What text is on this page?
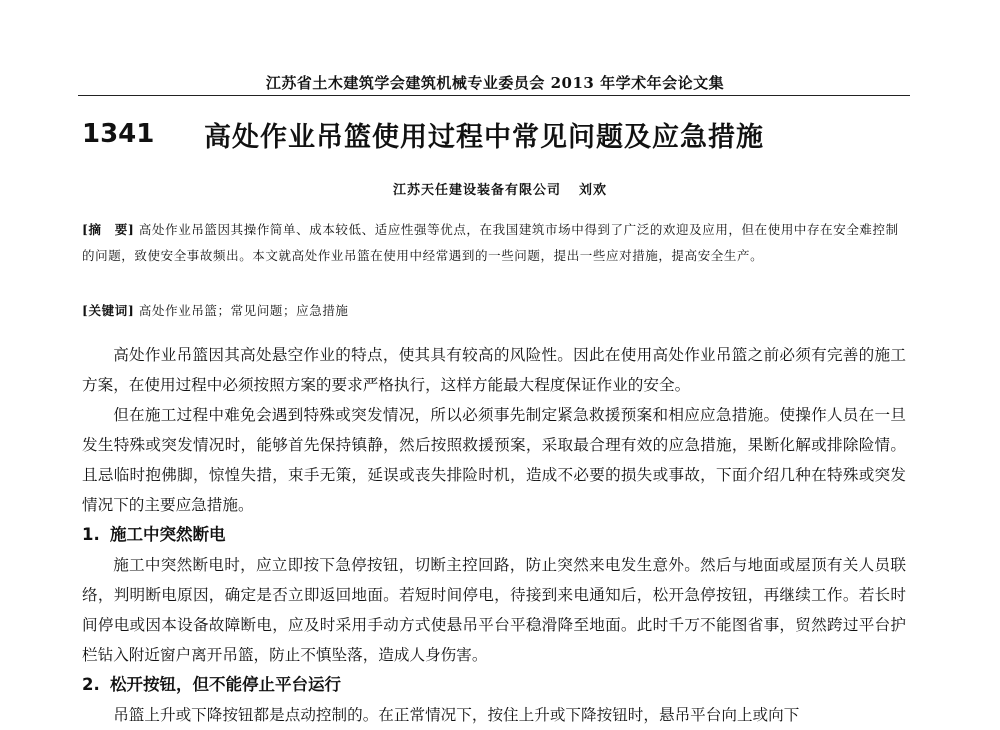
江苏省土木建筑学会建筑机械专业委员会 2013 年学术年会论文集
1341 高处作业吊篮使用过程中常见问题及应急措施
江苏天任建设装备有限公司 刘欢
[摘　要] 高处作业吊篮因其操作简单、成本较低、适应性强等优点，在我国建筑市场中得到了广泛的欢迎及应用，但在使用中存在安全难控制的问题，致使安全事故频出。本文就高处作业吊篮在使用中经常遇到的一些问题，提出一些应对措施，提高安全生产。
[关键词] 高处作业吊篮；常见问题；应急措施

高处作业吊篮因其高处悬空作业的特点，使其具有较高的风险性。因此在使用高处作业吊篮之前必须有完善的施工方案，在使用过程中必须按照方案的要求严格执行，这样方能最大程度保证作业的安全。

但在施工过程中难免会遇到特殊或突发情况，所以必须事先制定紧急救援预案和相应应急措施。使操作人员在一旦发生特殊或突发情况时，能够首先保持镇静，然后按照救援预案，采取最合理有效的应急措施，果断化解或排除险情。且忌临时抱佛脚，惊惶失措，束手无策，延误或丧失排险时机，造成不必要的损失或事故，下面介绍几种在特殊或突发情况下的主要应急措施。

1. 施工中突然断电

施工中突然断电时，应立即按下急停按钮，切断主控回路，防止突然来电发生意外。然后与地面或屋顶有关人员联络，判明断电原因，确定是否立即返回地面。若短时间停电，待接到来电通知后，松开急停按钮，再继续工作。若长时间停电或因本设备故障断电，应及时采用手动方式使悬吊平台平稳滑降至地面。此时千万不能图省事，贸然跨过平台护栏钻入附近窗户离开吊篮，防止不慎坠落，造成人身伤害。

2. 松开按钮，但不能停止平台运行

吊篮上升或下降按钮都是点动控制的。在正常情况下，按住上升或下降按钮时，悬吊平台向上或向下
